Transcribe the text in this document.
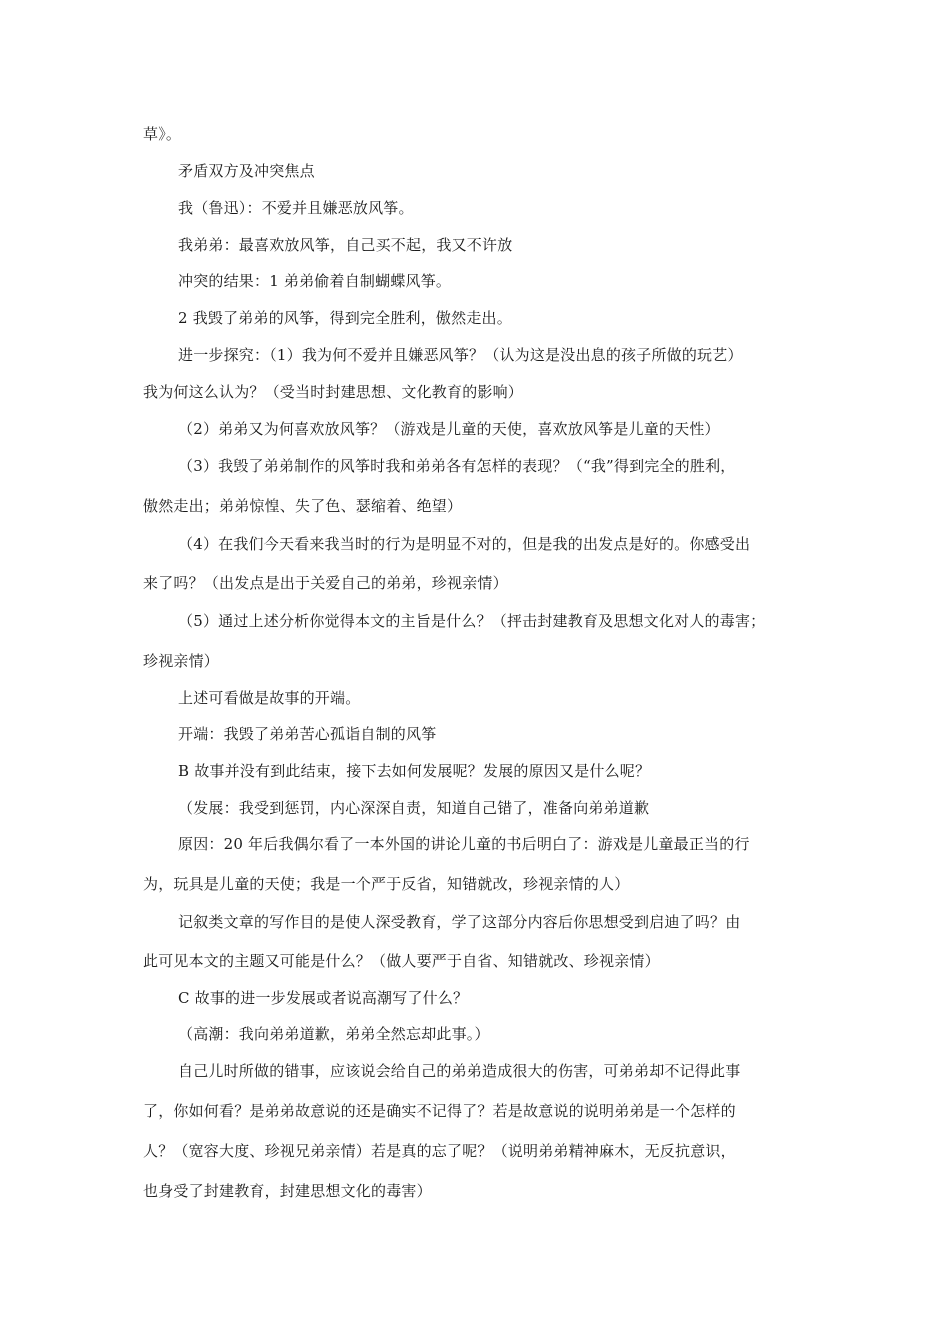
草》。
矛盾双方及冲突焦点
我（鲁迅）：不爱并且嫌恶放风筝。
我弟弟：最喜欢放风筝，自己买不起，我又不许放
冲突的结果：1 弟弟偷着自制蝴蝶风筝。
2 我毁了弟弟的风筝，得到完全胜利，傲然走出。
进一步探究：（1）我为何不爱并且嫌恶风筝？（认为这是没出息的孩子所做的玩艺）
我为何这么认为？（受当时封建思想、文化教育的影响）
（2）弟弟又为何喜欢放风筝？（游戏是儿童的天使，喜欢放风筝是儿童的天性）
（3）我毁了弟弟制作的风筝时我和弟弟各有怎样的表现？（“我”得到完全的胜利，
傲然走出；弟弟惊惶、失了色、瑟缩着、绝望）
（4）在我们今天看来我当时的行为是明显不对的，但是我的出发点是好的。你感受出
来了吗？（出发点是出于关爱自己的弟弟，珍视亲情）
（5）通过上述分析你觉得本文的主旨是什么？（抨击封建教育及思想文化对人的毒害；
珍视亲情）
上述可看做是故事的开端。
开端：我毁了弟弟苦心孤诣自制的风筝
B 故事并没有到此结束，接下去如何发展呢？发展的原因又是什么呢？
（发展：我受到惩罚，内心深深自责，知道自己错了，准备向弟弟道歉
原因：20 年后我偶尔看了一本外国的讲论儿童的书后明白了：游戏是儿童最正当的行
为，玩具是儿童的天使；我是一个严于反省，知错就改，珍视亲情的人）
记叙类文章的写作目的是使人深受教育，学了这部分内容后你思想受到启迪了吗？由
此可见本文的主题又可能是什么？（做人要严于自省、知错就改、珍视亲情）
C 故事的进一步发展或者说高潮写了什么？
（高潮：我向弟弟道歉，弟弟全然忘却此事。）
自己儿时所做的错事，应该说会给自己的弟弟造成很大的伤害，可弟弟却不记得此事
了，你如何看？是弟弟故意说的还是确实不记得了？若是故意说的说明弟弟是一个怎样的
人？（宽容大度、珍视兄弟亲情）若是真的忘了呢？（说明弟弟精神麻木，无反抗意识，
也身受了封建教育，封建思想文化的毒害）
